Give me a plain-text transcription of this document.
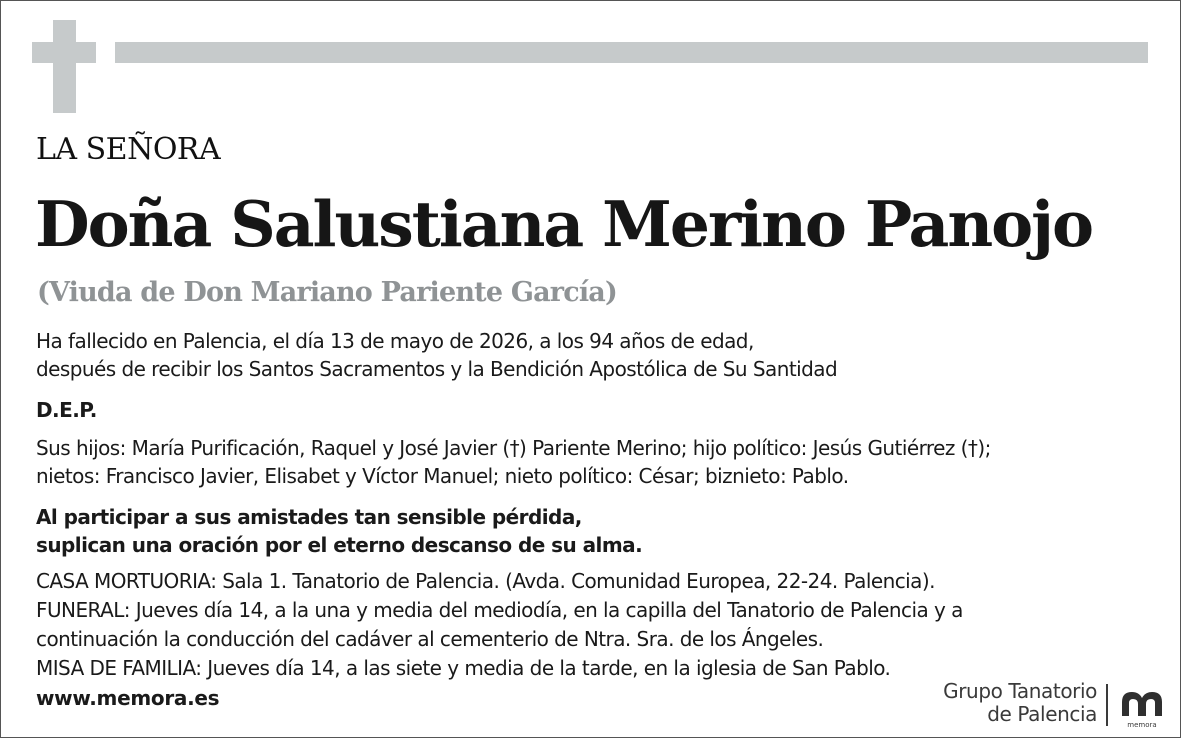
LA SEÑORA
Doña Salustiana Merino Panojo
(Viuda de Don Mariano Pariente García)
Ha fallecido en Palencia, el día 13 de mayo de 2026, a los 94 años de edad,
después de recibir los Santos Sacramentos y la Bendición Apostólica de Su Santidad
D.E.P.
Sus hijos: María Purificación, Raquel y José Javier (†) Pariente Merino; hijo político: Jesús Gutiérrez (†);
nietos: Francisco Javier, Elisabet y Víctor Manuel; nieto político: César; biznieto: Pablo.
Al participar a sus amistades tan sensible pérdida,
suplican una oración por el eterno descanso de su alma.
CASA MORTUORIA: Sala 1. Tanatorio de Palencia. (Avda. Comunidad Europea, 22-24. Palencia).
FUNERAL: Jueves día 14, a la una y media del mediodía, en la capilla del Tanatorio de Palencia y a
continuación la conducción del cadáver al cementerio de Ntra. Sra. de los Ángeles.
MISA DE FAMILIA: Jueves día 14, a las siete y media de la tarde, en la iglesia de San Pablo.
www.memora.es	Grupo Tanatorio
de Palencia	memora
